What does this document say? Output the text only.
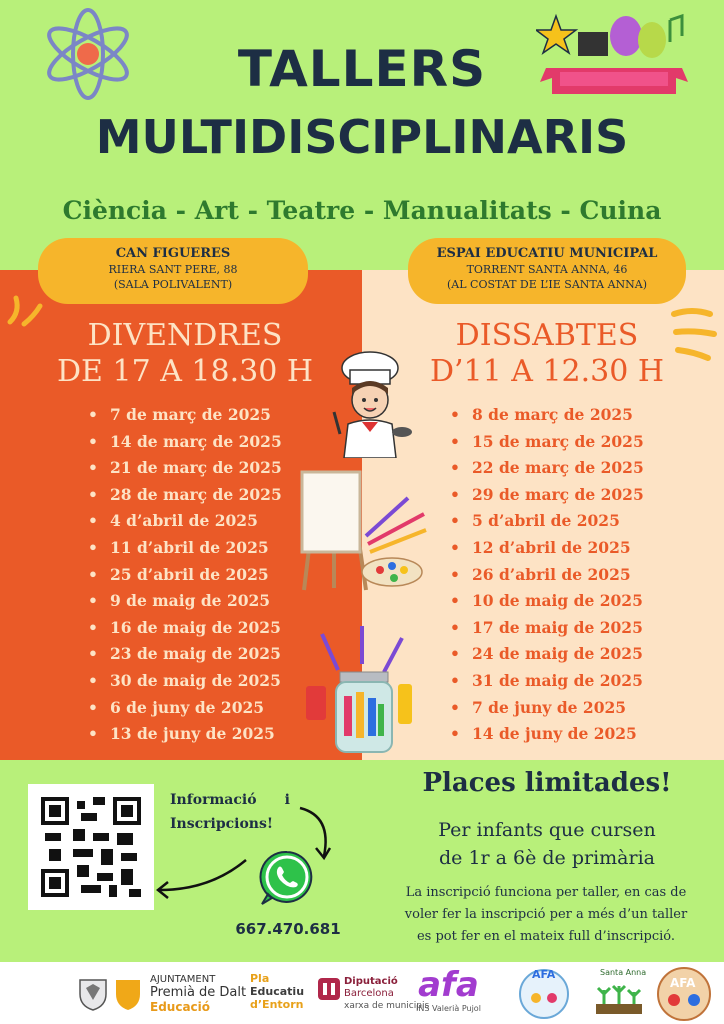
TALLERS
MULTIDISCIPLINARIS
Ciència - Art - Teatre - Manualitats - Cuina
CAN FIGUERES
RIERA SANT PERE, 88
(SALA POLIVALENT)
ESPAI EDUCATIU MUNICIPAL
TORRENT SANTA ANNA, 46
(AL COSTAT DE L’IE SANTA ANNA)
DIVENDRES
DE 17 A 18.30 H
DISSABTES
D’11 A 12.30 H
• 7 de març de 2025
• 14 de març de 2025
• 21 de març de 2025
• 28 de març de 2025
• 4 d’abril de 2025
• 11 d’abril de 2025
• 25 d’abril de 2025
• 9 de maig de 2025
• 16 de maig de 2025
• 23 de maig de 2025
• 30 de maig de 2025
• 6 de juny de 2025
• 13 de juny de 2025
• 8 de març de 2025
• 15 de març de 2025
• 22 de març de 2025
• 29 de març de 2025
• 5 d’abril de 2025
• 12 d’abril de 2025
• 26 d’abril de 2025
• 10 de maig de 2025
• 17 de maig de 2025
• 24 de maig de 2025
• 31 de maig de 2025
• 7 de juny de 2025
• 14 de juny de 2025
Informació i
Inscripcions!
667.470.681
Places limitades!
Per infants que cursen
de 1r a 6è de primària
La inscripció funciona per taller, en cas de
voler fer la inscripció per a més d’un taller
es pot fer en el mateix full d’inscripció.
AJUNTAMENT
Premià de Dalt
Educació
Pla
Educatiu
d’Entorn
Diputació
Barcelona
xarxa de municipis
afa
INS Valerià Pujol
AFA	Santa Anna
AFA
